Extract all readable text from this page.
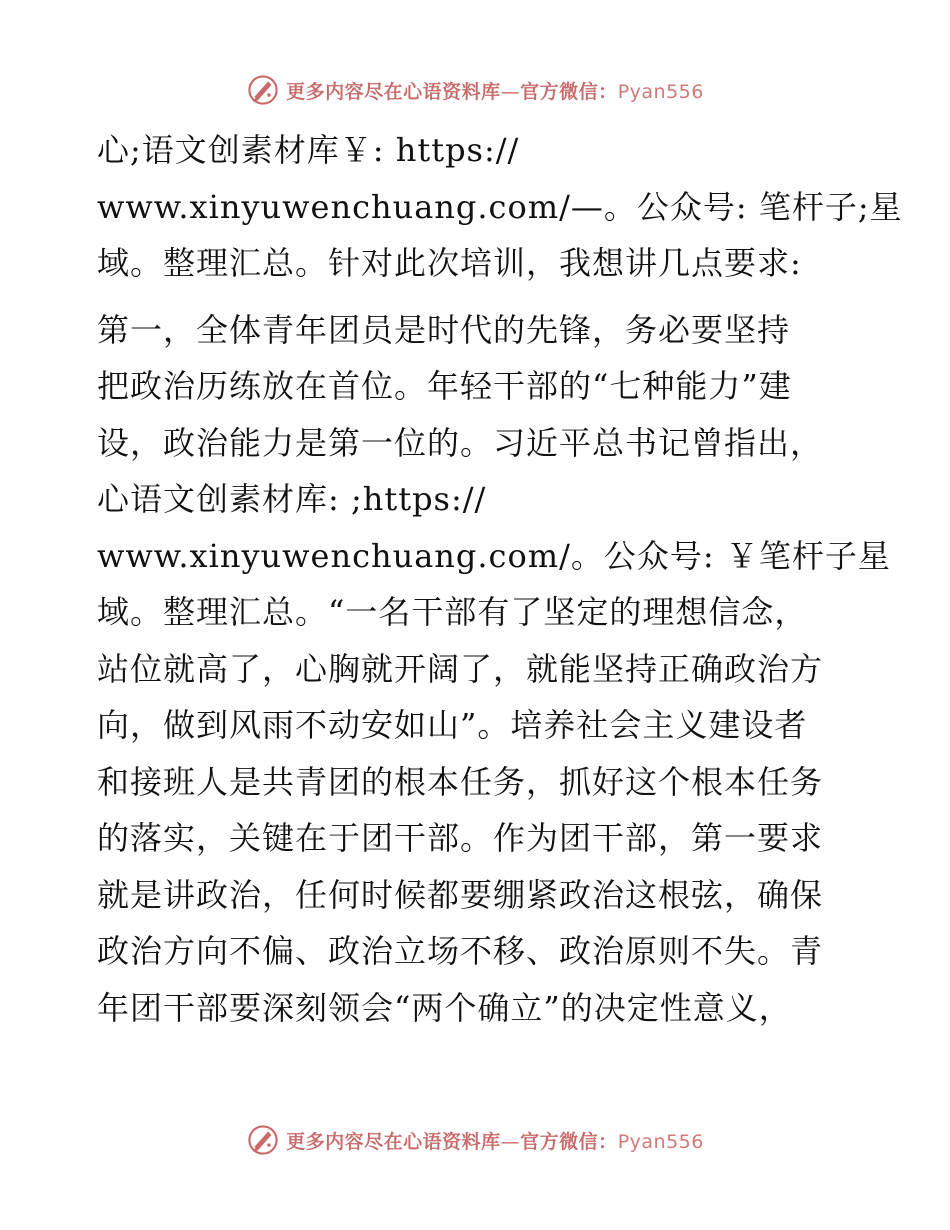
更多内容尽在心语资料库—官方微信：Pyan556

心;语文创素材库￥: https://
www.xinyuwenchuang.com/—。公众号: 笔杆子;星
域。整理汇总。针对此次培训，我想讲几点要求:

第一，全体青年团员是时代的先锋，务必要坚持
把政治历练放在首位。年轻干部的“七种能力”建
设，政治能力是第一位的。习近平总书记曾指出，
心语文创素材库: ;https://
www.xinyuwenchuang.com/。公众号: ￥笔杆子星
域。整理汇总。“一名干部有了坚定的理想信念，
站位就高了，心胸就开阔了，就能坚持正确政治方
向，做到风雨不动安如山”。培养社会主义建设者
和接班人是共青团的根本任务，抓好这个根本任务
的落实，关键在于团干部。作为团干部，第一要求
就是讲政治，任何时候都要绷紧政治这根弦，确保
政治方向不偏、政治立场不移、政治原则不失。青
年团干部要深刻领会“两个确立”的决定性意义，

更多内容尽在心语资料库—官方微信：Pyan556
